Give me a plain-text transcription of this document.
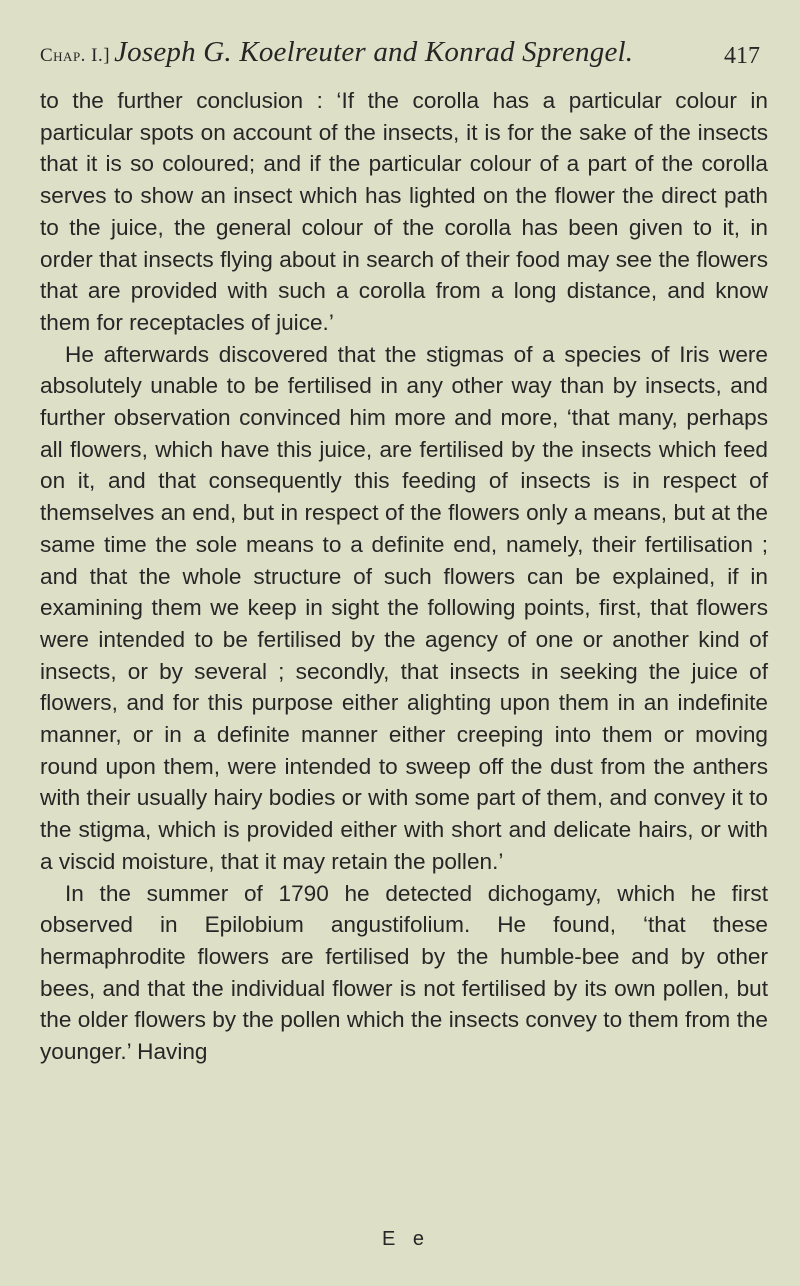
Chap. I.] Joseph G. Koelreuter and Konrad Sprengel.	417

to the further conclusion : ‘If the corolla has a particular colour in particular spots on account of the insects, it is for the sake of the insects that it is so coloured; and if the particular colour of a part of the corolla serves to show an insect which has lighted on the flower the direct path to the juice, the general colour of the corolla has been given to it, in order that insects flying about in search of their food may see the flowers that are provided with such a corolla from a long distance, and know them for receptacles of juice.’

He afterwards discovered that the stigmas of a species of Iris were absolutely unable to be fertilised in any other way than by insects, and further observation convinced him more and more, ‘that many, perhaps all flowers, which have this juice, are fertilised by the insects which feed on it, and that consequently this feeding of insects is in respect of themselves an end, but in respect of the flowers only a means, but at the same time the sole means to a definite end, namely, their fertilisation ; and that the whole structure of such flowers can be explained, if in examining them we keep in sight the following points, first, that flowers were intended to be fertilised by the agency of one or another kind of insects, or by several ; secondly, that insects in seeking the juice of flowers, and for this purpose either alighting upon them in an indefinite manner, or in a definite manner either creeping into them or moving round upon them, were intended to sweep off the dust from the anthers with their usually hairy bodies or with some part of them, and convey it to the stigma, which is provided either with short and delicate hairs, or with a viscid moisture, that it may retain the pollen.’

In the summer of 1790 he detected dichogamy, which he first observed in Epilobium angustifolium. He found, ‘that these hermaphrodite flowers are fertilised by the humble-bee and by other bees, and that the individual flower is not fertilised by its own pollen, but the older flowers by the pollen which the insects convey to them from the younger.’ Having

E e
